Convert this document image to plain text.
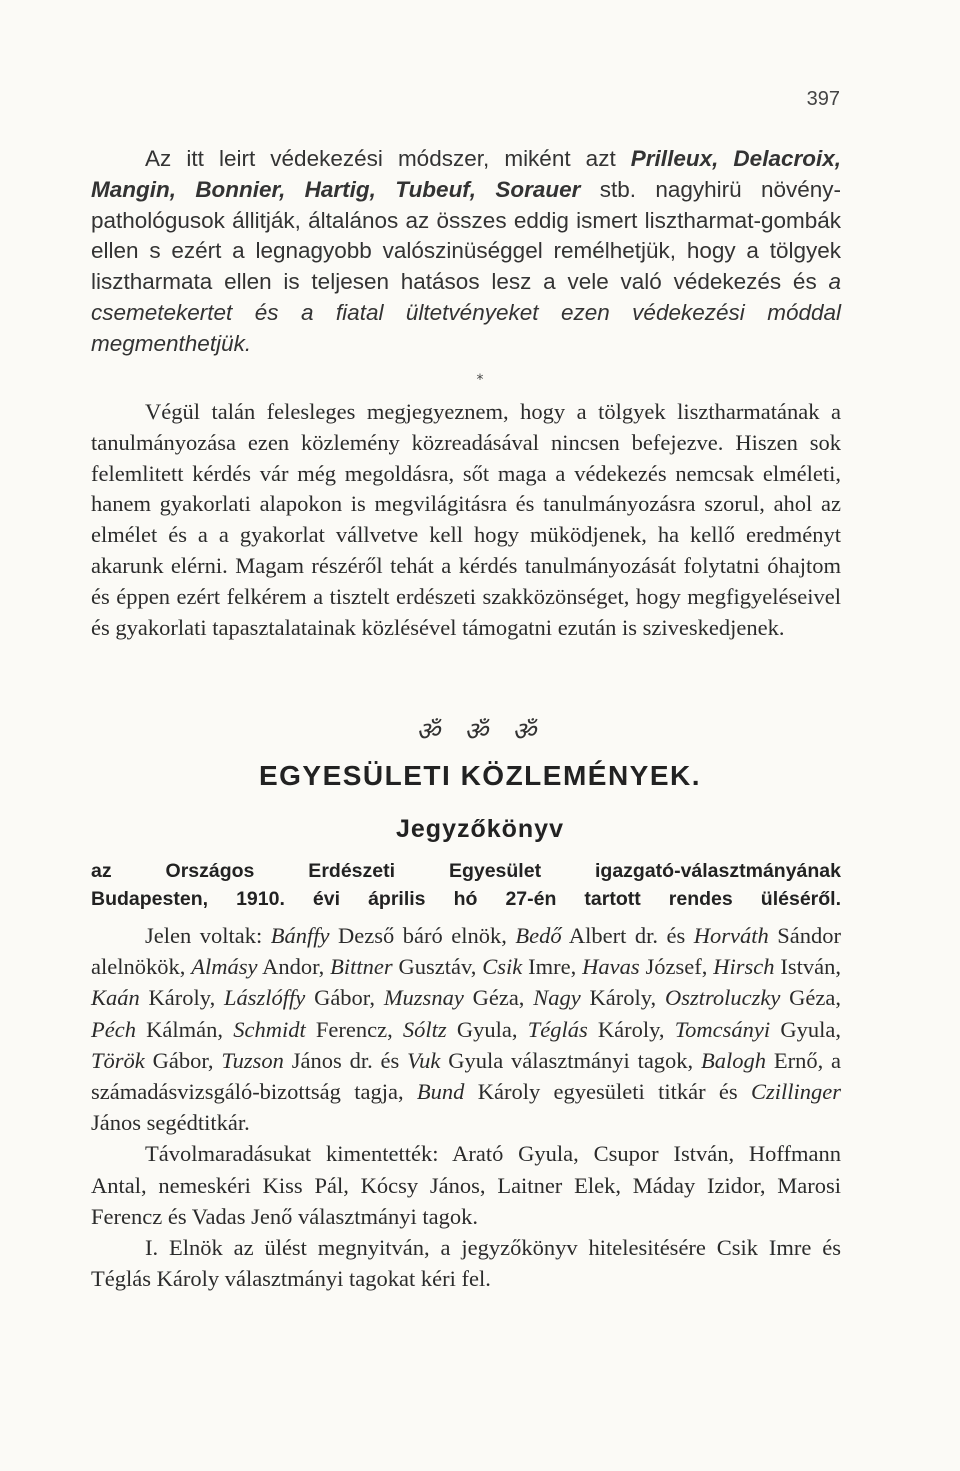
397

Az itt leirt védekezési módszer, miként azt Prilleux, Delacroix, Mangin, Bonnier, Hartig, Tubeuf, Sorauer stb. nagyhirü növény-pathológusok állitják, általános az összes eddig ismert lisztharmat-gombák ellen s ezért a legnagyobb valószinüséggel remélhetjük, hogy a tölgyek lisztharmata ellen is teljesen hatásos lesz a vele való védekezés és a csemetekertet és a fiatal ültetvényeket ezen védekezési móddal megmenthetjük.

*

Végül talán felesleges megjegyeznem, hogy a tölgyek lisztharmatának a tanulmányozása ezen közlemény közreadásával nincsen befejezve. Hiszen sok felemlitett kérdés vár még megoldásra, sőt maga a védekezés nemcsak elméleti, hanem gyakorlati alapokon is megvilágitásra és tanulmányozásra szorul, ahol az elmélet és a a gyakorlat vállvetve kell hogy müködjenek, ha kellő eredményt akarunk elérni. Magam részéről tehát a kérdés tanulmányozását folytatni óhajtom és éppen ezért felkérem a tisztelt erdészeti szakközönséget, hogy megfigyeléseivel és gyakorlati tapasztalatainak közlésével támogatni ezután is sziveskedjenek.

ॐ ॐ ॐ
EGYESÜLETI KÖZLEMÉNYEK.
Jegyzőkönyv
az Országos Erdészeti Egyesület igazgató-választmányának
Budapesten, 1910. évi április hó 27-én tartott rendes üléséről.

Jelen voltak: Bánffy Dezső báró elnök, Bedő Albert dr. és Horváth Sándor alelnökök, Almásy Andor, Bittner Gusztáv, Csik Imre, Havas József, Hirsch István, Kaán Károly, Lászlóffy Gábor, Muzsnay Géza, Nagy Károly, Osztroluczky Géza, Péch Kálmán, Schmidt Ferencz, Sóltz Gyula, Téglás Károly, Tomcsányi Gyula, Török Gábor, Tuzson János dr. és Vuk Gyula választmányi tagok, Balogh Ernő, a számadásvizsgáló-bizottság tagja, Bund Károly egyesületi titkár és Czillinger János segédtitkár.

Távolmaradásukat kimentették: Arató Gyula, Csupor István, Hoffmann Antal, nemeskéri Kiss Pál, Kócsy János, Laitner Elek, Máday Izidor, Marosi Ferencz és Vadas Jenő választmányi tagok.

I. Elnök az ülést megnyitván, a jegyzőkönyv hitelesitésére Csik Imre és Téglás Károly választmányi tagokat kéri fel.
